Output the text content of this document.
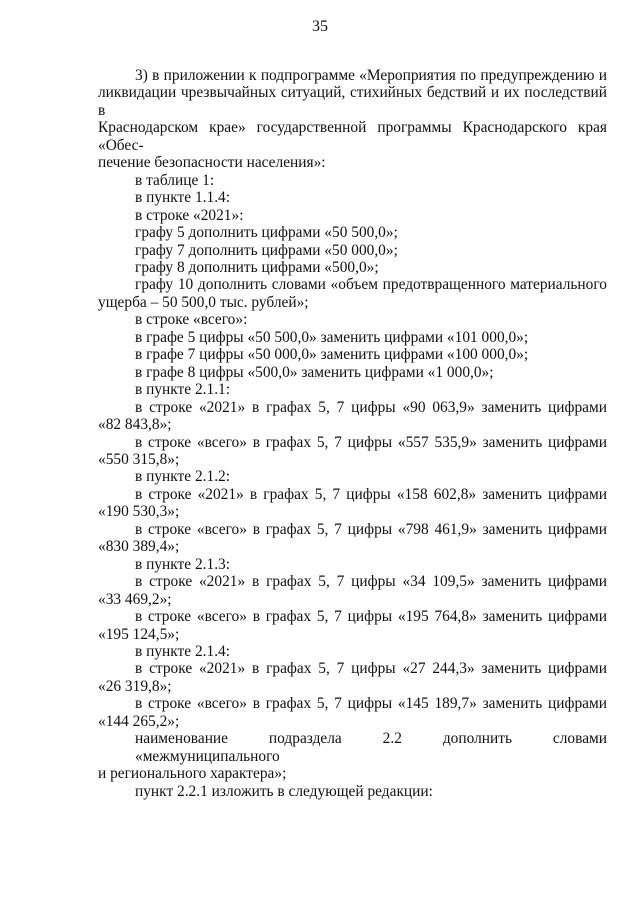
35

3) в приложении к подпрограмме «Мероприятия по предупреждению и

ликвидации чрезвычайных ситуаций, стихийных бедствий и их последствий в

Краснодарском крае» государственной программы Краснодарского края «Обес-

печение безопасности населения»:

в таблице 1:

в пункте 1.1.4:

в строке «2021»:

графу 5 дополнить цифрами «50 500,0»;

графу 7 дополнить цифрами «50 000,0»;

графу 8 дополнить цифрами «500,0»;

графу 10 дополнить словами «объем предотвращенного материального

ущерба – 50 500,0 тыс. рублей»;

в строке «всего»:

в графе 5 цифры «50 500,0» заменить цифрами «101 000,0»;

в графе 7 цифры «50 000,0» заменить цифрами «100 000,0»;

в графе 8 цифры «500,0» заменить цифрами «1 000,0»;

в пункте 2.1.1:

в строке «2021» в графах 5, 7 цифры «90 063,9» заменить цифрами

«82 843,8»;

в строке «всего» в графах 5, 7 цифры «557 535,9» заменить цифрами

«550 315,8»;

в пункте 2.1.2:

в строке «2021» в графах 5, 7 цифры «158 602,8» заменить цифрами

«190 530,3»;

в строке «всего» в графах 5, 7 цифры «798 461,9» заменить цифрами

«830 389,4»;

в пункте 2.1.3:

в строке «2021» в графах 5, 7 цифры «34 109,5» заменить цифрами

«33 469,2»;

в строке «всего» в графах 5, 7 цифры «195 764,8» заменить цифрами

«195 124,5»;

в пункте 2.1.4:

в строке «2021» в графах 5, 7 цифры «27 244,3» заменить цифрами

«26 319,8»;

в строке «всего» в графах 5, 7 цифры «145 189,7» заменить цифрами

«144 265,2»;

наименование подраздела 2.2 дополнить словами «межмуниципального

и регионального характера»;

пункт 2.2.1 изложить в следующей редакции:
